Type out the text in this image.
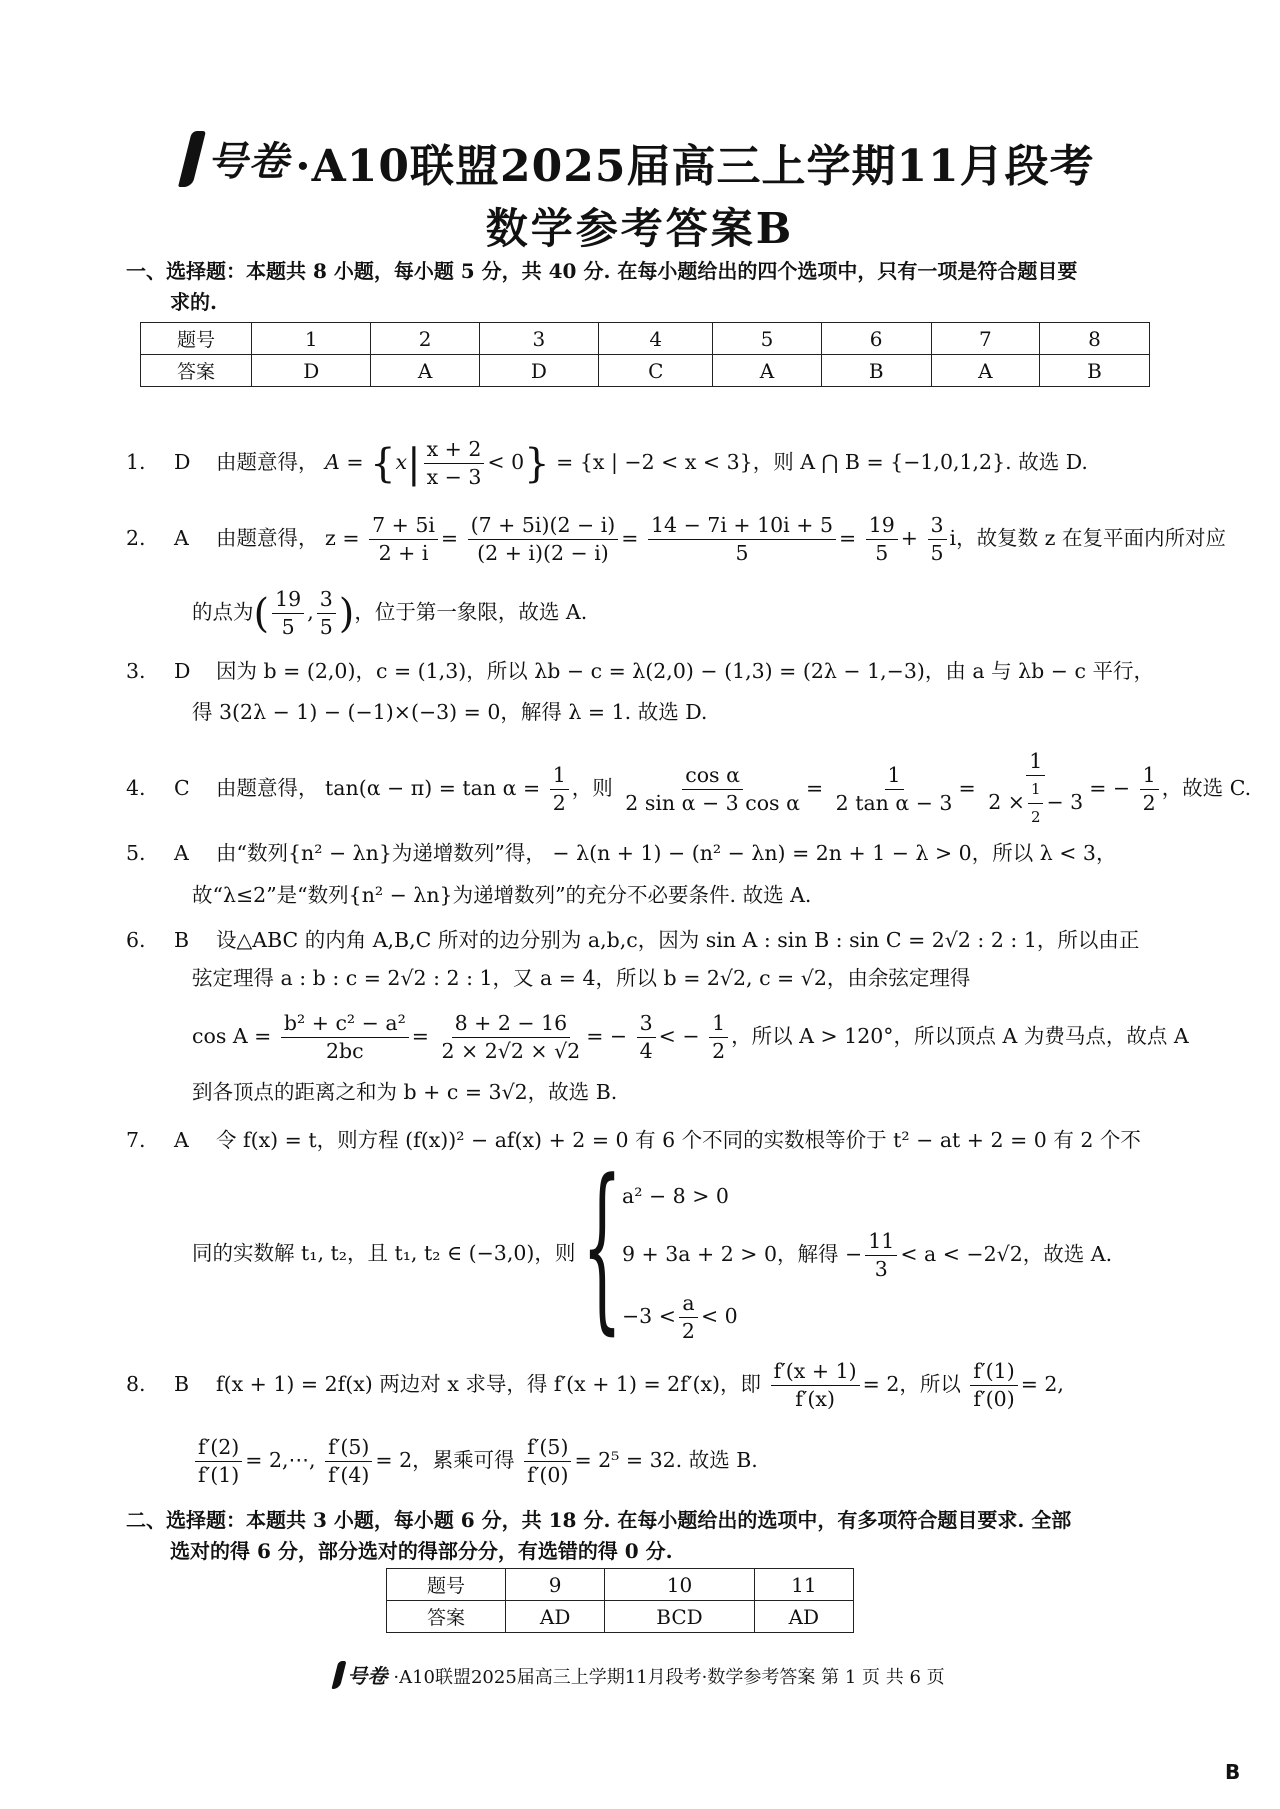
号卷 ·A10联盟2025届高三上学期11月段考
数学参考答案B
一、选择题：本题共 8 小题，每小题 5 分，共 40 分. 在每小题给出的四个选项中，只有一项是符合题目要
求的.
题号	1	2	3	4	5	6	7	8
答案	D	A	D	C	A	B	A	B
1. D 由题意得， $A = \{x| \frac{x + 2}{x - 3} < 0\} = \{x$ | −2 < x < 3}，则 A ⋂ B = {−1,0,1,2}. 故选 D.
2. A 由题意得， $z = \frac{7 + 5i}{2 + i} = \frac{(7 + 5i)(2 - i)}{(2 + i)(2 - i)} = \frac{14 - 7i + 10i + 5}{5} = \frac{19}{5} + \frac{3}{5}$ i，故复数 z 在复平面内所对应
的点为( $\frac{19}{5}$ , $\frac{3}{5}$ )，位于第一象限，故选 A.
3. D 因为 b = (2,0)，c = (1,3)，所以 λb − c = λ(2,0) − (1,3) = (2λ − 1,−3)，由 a 与 λb − c 平行，
得 3(2λ − 1) − (−1)×(−3) = 0，解得 λ = 1. 故选 D.
4. C 由题意得， $\tan(\alpha - \pi) = \tan \alpha = \frac{1}{2}$ ，则 $\frac{\text{cos α}}{\text{2 sin α − 3 cos α}} = \frac{1}{\text{2 tan α − 3}} = \frac{1}{2 \times \frac{1}{2} - 3}$ = − $\frac{1}{2}$ ，故选 C.
5. A 由“数列{n² − λn}为递增数列”得， − λ(n + 1) − (n² − λn) = 2n + 1 − λ > 0，所以 λ < 3，
故“λ≤2”是“数列{n² − λn}为递增数列”的充分不必要条件. 故选 A.
6. B 设△ABC 的内角 A,B,C 所对的边分别为 a,b,c，因为 sin A : sin B : sin C = 2√2 : 2 : 1，所以由正
弦定理得 a : b : c = 2√2 : 2 : 1，又 a = 4，所以 b = 2√2, c = √2，由余弦定理得
$\cos A = \frac{\text{b² + c² − a²}}{2bc} = \frac{8 + 2 - 16}{2 \times 2√2 \times √2}$ = − $\frac{3}{4}$ < − $\frac{1}{2}$ ，所以 A > 120°，所以顶点 A 为费马点，故点 A
到各顶点的距离之和为 b + c = 3√2，故选 B.
7. A 令 f(x) = t，则方程 (f(x))² − af(x) + 2 = 0 有 6 个不同的实数根等价于 t² − at + 2 = 0 有 2 个不
同的实数解 t₁, t₂，且 t₁, t₂ ∈ (−3,0)，则 { a² − 8 > 0
9 + 3a + 2 > 0，解得 − $\frac{11}{3} < a < -2√2$，故选 A.
$-3 < \frac{a}{2} < 0$
8. B f(x + 1) = 2f(x) 两边对 x 求导，得 f′(x + 1) = 2f′(x)，即 $\frac{f'(x + 1)}{f'(x)} = 2$，所以 $\frac{f'(1)}{f'(0)} = 2$,
$\frac{f'(2)}{f'(1)}$ = 2,⋯, $\frac{f'(5)}{f'(4)} = 2$，累乘可得 $\frac{f'(5)}{f'(0)} = 2^5 = 32$. 故选 B.
二、选择题：本题共 3 小题，每小题 6 分，共 18 分. 在每小题给出的选项中，有多项符合题目要求. 全部
选对的得 6 分，部分选对的得部分分，有选错的得 0 分.
题号	9	10	11
答案	AD	BCD	AD
号卷 ·A10联盟2025届高三上学期11月段考·数学参考答案 第 1 页 共 6 页
B
